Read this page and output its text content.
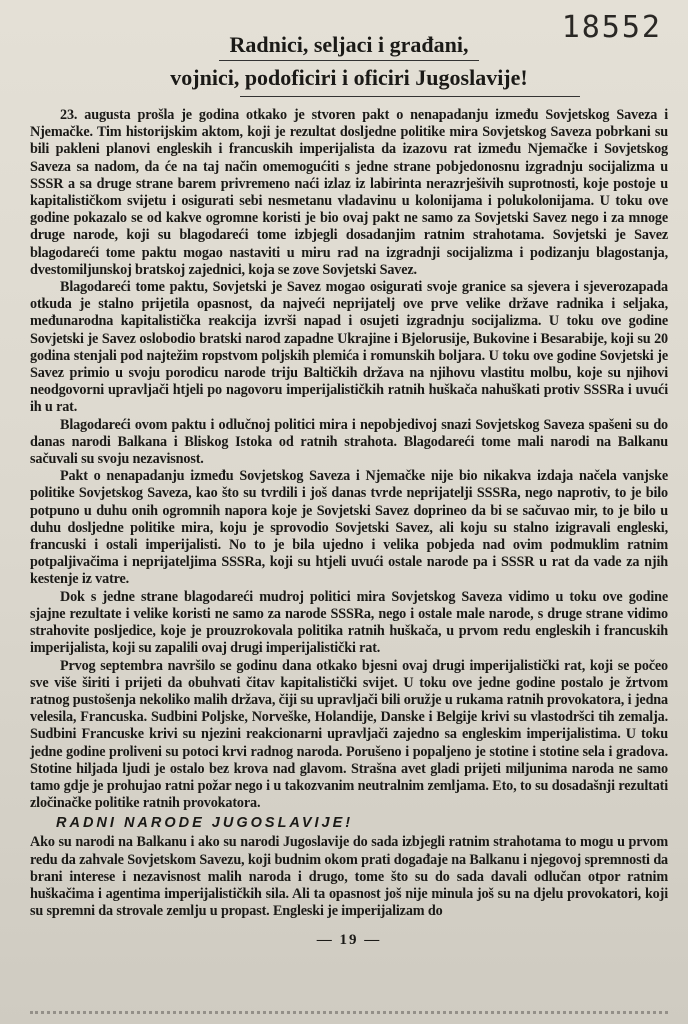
18552
Radnici, seljaci i građani,
vojnici, podoficiri i oficiri Jugoslavije!

23. augusta prošla je godina otkako je stvoren pakt o nenapadanju između Sovjetskog Saveza i Njemačke. Tim historijskim aktom, koji je rezultat dosljedne politike mira Sovjetskog Saveza pobrkani su bili pakleni planovi engleskih i francuskih imperijalista da izazovu rat između Njemačke i Sovjetskog Saveza sa nadom, da će na taj način omemogućiti s jedne strane pobjedonosnu izgradnju socijalizma u SSSR a sa druge strane barem privremeno naći izlaz iz labirinta nerazrješivih suprotnosti, koje postoje u kapitalističkom svijetu i osigurati sebi nesmetanu vladavinu u kolonijama i polukolonijama. U toku ove godine pokazalo se od kakve ogromne koristi je bio ovaj pakt ne samo za Sovjetski Savez nego i za mnoge druge narode, koji su blagodareći tome izbjegli dosadanjim ratnim strahotama. Sovjetski je Savez blagodareći tome paktu mogao nastaviti u miru rad na izgradnji socijalizma i podizanju blagostanja, dvestomiljunskoj bratskoj zajednici, koja se zove Sovjetski Savez.

Blagodareći tome paktu, Sovjetski je Savez mogao osigurati svoje granice sa sjevera i sjeverozapada otkuda je stalno prijetila opasnost, da najveći neprijatelj ove prve velike države radnika i seljaka, međunarodna kapitalistička reakcija izvrši napad i osujeti izgradnju socijalizma. U toku ove godine Sovjetski je Savez oslobodio bratski narod zapadne Ukrajine i Bjelorusije, Bukovine i Besarabije, koji su 20 godina stenjali pod najtežim ropstvom poljskih plemića i romunskih boljara. U toku ove godine Sovjetski je Savez primio u svoju porodicu narode triju Baltičkih država na njihovu vlastitu molbu, koje su njihovi neodgovorni upravljači htjeli po nagovoru imperijalističkih ratnih huškača nahuškati protiv SSSRa i uvući ih u rat.

Blagodareći ovom paktu i odlučnoj politici mira i nepobjedivoj snazi Sovjetskog Saveza spašeni su do danas narodi Balkana i Bliskog Istoka od ratnih strahota. Blagodareći tome mali narodi na Balkanu sačuvali su svoju nezavisnost.

Pakt o nenapadanju između Sovjetskog Saveza i Njemačke nije bio nikakva izdaja načela vanjske politike Sovjetskog Saveza, kao što su tvrdili i još danas tvrde neprijatelji SSSRa, nego naprotiv, to je bilo potpuno u duhu onih ogromnih napora koje je Sovjetski Savez doprineo da bi se sačuvao mir, to je bilo u duhu dosljedne politike mira, koju je sprovodio Sovjetski Savez, ali koju su stalno izigravali engleski, francuski i ostali imperijalisti. No to je bila ujedno i velika pobjeda nad ovim podmuklim ratnim potpaljivačima i neprijateljima SSSRa, koji su htjeli uvući ostale narode pa i SSSR u rat da vade za njih kestenje iz vatre.

Dok s jedne strane blagodareći mudroj politici mira Sovjetskog Saveza vidimo u toku ove godine sjajne rezultate i velike koristi ne samo za narode SSSRa, nego i ostale male narode, s druge strane vidimo strahovite posljedice, koje je prouzrokovala politika ratnih huškača, u prvom redu engleskih i francuskih imperijalista, koji su zapalili ovaj drugi imperijalistički rat.

Prvog septembra navršilo se godinu dana otkako bjesni ovaj drugi imperijalistički rat, koji se počeo sve više širiti i prijeti da obuhvati čitav kapitalistički svijet. U toku ove jedne godine postalo je žrtvom ratnog pustošenja nekoliko malih država, čiji su upravljači bili oružje u rukama ratnih provokatora, i jedna velesila, Francuska. Sudbini Poljske, Norveške, Holandije, Danske i Belgije krivi su vlastodršci tih zemalja. Sudbini Francuske krivi su njezini reakcionarni upravljači zajedno sa engleskim imperijalistima. U toku jedne godine proliveni su potoci krvi radnog naroda. Porušeno i popaljeno je stotine i stotine sela i gradova. Stotine hiljada ljudi je ostalo bez krova nad glavom. Strašna avet gladi prijeti miljunima naroda ne samo tamo gdje je prohujao ratni požar nego i u takozvanim neutralnim zemljama. Eto, to su dosadašnji rezultati zločinačke politike ratnih provokatora.

RADNI NARODE JUGOSLAVIJE!

Ako su narodi na Balkanu i ako su narodi Jugoslavije do sada izbjegli ratnim strahotama to mogu u prvom redu da zahvale Sovjetskom Savezu, koji budnim okom prati događaje na Balkanu i njegovoj spremnosti da brani interese i nezavisnost malih naroda i drugo, tome što su do sada davali odlučan otpor ratnim huškačima i agentima imperijalističkih sila. Ali ta opasnost još nije minula još su na djelu provokatori, koji su spremni da strovale zemlju u propast. Engleski je imperijalizam do

— 19 —
